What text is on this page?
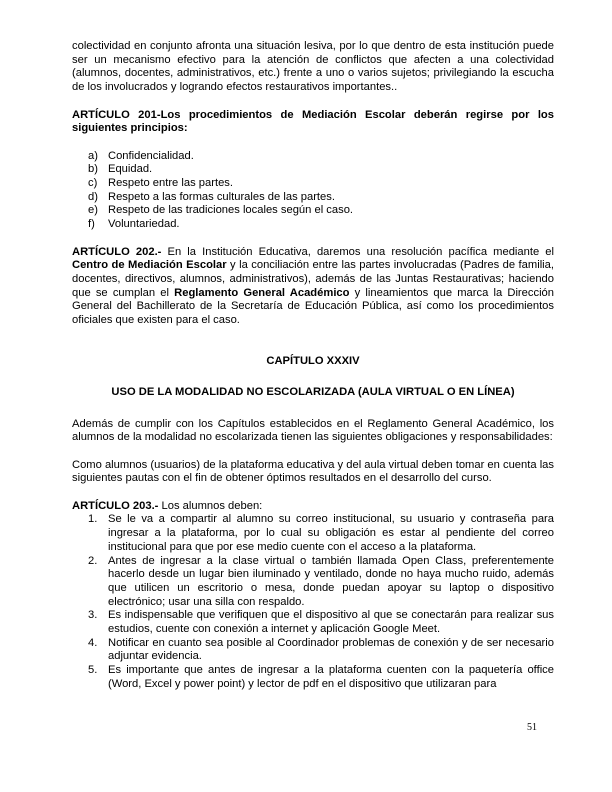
colectividad en conjunto afronta una situación lesiva, por lo que dentro de esta institución puede ser un mecanismo efectivo para la atención de conflictos que afecten a una colectividad (alumnos, docentes, administrativos, etc.) frente a uno o varios sujetos; privilegiando la escucha de los involucrados y logrando efectos restaurativos importantes..

ARTÍCULO 201-Los procedimientos de Mediación Escolar deberán regirse por los siguientes principios:

a) Confidencialidad.
b) Equidad.
c) Respeto entre las partes.
d) Respeto a las formas culturales de las partes.
e) Respeto de las tradiciones locales según el caso.
f) Voluntariedad.

ARTÍCULO 202.- En la Institución Educativa, daremos una resolución pacífica mediante el Centro de Mediación Escolar y la conciliación entre las partes involucradas (Padres de familia, docentes, directivos, alumnos, administrativos), además de las Juntas Restaurativas; haciendo que se cumplan el Reglamento General Académico y lineamientos que marca la Dirección General del Bachillerato de la Secretaría de Educación Pública, así como los procedimientos oficiales que existen para el caso.

CAPÍTULO XXXIV

USO DE LA MODALIDAD NO ESCOLARIZADA (AULA VIRTUAL O EN LÍNEA)

Además de cumplir con los Capítulos establecidos en el Reglamento General Académico, los alumnos de la modalidad no escolarizada tienen las siguientes obligaciones y responsabilidades:

Como alumnos (usuarios) de la plataforma educativa y del aula virtual deben tomar en cuenta las siguientes pautas con el fin de obtener óptimos resultados en el desarrollo del curso.

ARTÍCULO 203.- Los alumnos deben:

1. Se le va a compartir al alumno su correo institucional, su usuario y contraseña para ingresar a la plataforma, por lo cual su obligación es estar al pendiente del correo institucional para que por ese medio cuente con el acceso a la plataforma.
2. Antes de ingresar a la clase virtual o también llamada Open Class, preferentemente hacerlo desde un lugar bien iluminado y ventilado, donde no haya mucho ruido, además que utilicen un escritorio o mesa, donde puedan apoyar su laptop o dispositivo electrónico; usar una silla con respaldo.
3. Es indispensable que verifiquen que el dispositivo al que se conectarán para realizar sus estudios, cuente con conexión a internet y aplicación Google Meet.
4. Notificar en cuanto sea posible al Coordinador problemas de conexión y de ser necesario adjuntar evidencia.
5. Es importante que antes de ingresar a la plataforma cuenten con la paquetería office (Word, Excel y power point) y lector de pdf en el dispositivo que utilizaran para
51
